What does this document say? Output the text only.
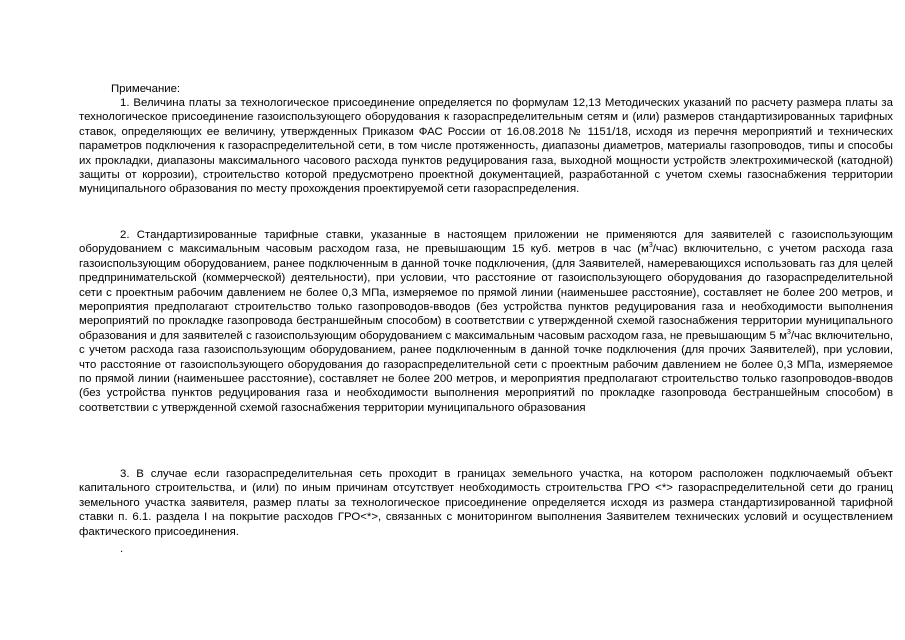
Примечание:

1. Величина платы за технологическое присоединение определяется по формулам 12,13 Методических указаний по расчету размера платы за технологическое присоединение газоиспользующего оборудования к газораспределительным сетям и (или) размеров стандартизированных тарифных ставок, определяющих ее величину, утвержденных Приказом ФАС России от 16.08.2018 № 1151/18, исходя из перечня мероприятий и технических параметров подключения к газораспределительной сети, в том числе протяженность, диапазоны диаметров, материалы газопроводов, типы и способы их прокладки, диапазоны максимального часового расхода пунктов редуцирования газа, выходной мощности устройств электрохимической (катодной) защиты от коррозии), строительство которой предусмотрено проектной документацией, разработанной с учетом схемы газоснабжения территории муниципального образования по месту прохождения проектируемой сети газораспределения.

2. Стандартизированные тарифные ставки, указанные в настоящем приложении не применяются для заявителей с газоиспользующим оборудованием с максимальным часовым расходом газа, не превышающим 15 куб. метров в час $(м^3/час)$ включительно, с учетом расхода газа газоиспользующим оборудованием, ранее подключенным в данной точке подключения, (для Заявителей, намеревающихся использовать газ для целей предпринимательской (коммерческой) деятельности), при условии, что расстояние от газоиспользующего оборудования до газораспределительной сети с проектным рабочим давлением не более 0,3 МПа, измеряемое по прямой линии (наименьшее расстояние), составляет не более 200 метров, и мероприятия предполагают строительство только газопроводов-вводов (без устройства пунктов редуцирования газа и необходимости выполнения мероприятий по прокладке газопровода бестраншейным способом) в соответствии с утвержденной схемой газоснабжения территории муниципального образования и для заявителей с газоиспользующим оборудованием с максимальным часовым расходом газа, не превышающим 5 $м^3$/час включительно, с учетом расхода газа газоиспользующим оборудованием, ранее подключенным в данной точке подключения (для прочих Заявителей), при условии, что расстояние от газоиспользующего оборудования до газораспределительной сети с проектным рабочим давлением не более 0,3 МПа, измеряемое по прямой линии (наименьшее расстояние), составляет не более 200 метров, и мероприятия предполагают строительство только газопроводов-вводов (без устройства пунктов редуцирования газа и необходимости выполнения мероприятий по прокладке газопровода бестраншейным способом) в соответствии с утвержденной схемой газоснабжения территории муниципального образования

3. В случае если газораспределительная сеть проходит в границах земельного участка, на котором расположен подключаемый объект капитального строительства, и (или) по иным причинам отсутствует необходимость строительства ГРО <*> газораспределительной сети до границ земельного участка заявителя, размер платы за технологическое присоединение определяется исходя из размера стандартизированной тарифной ставки п. 6.1. раздела I на покрытие расходов ГРО<*>, связанных с мониторингом выполнения Заявителем технических условий и осуществлением фактического присоединения.

.
